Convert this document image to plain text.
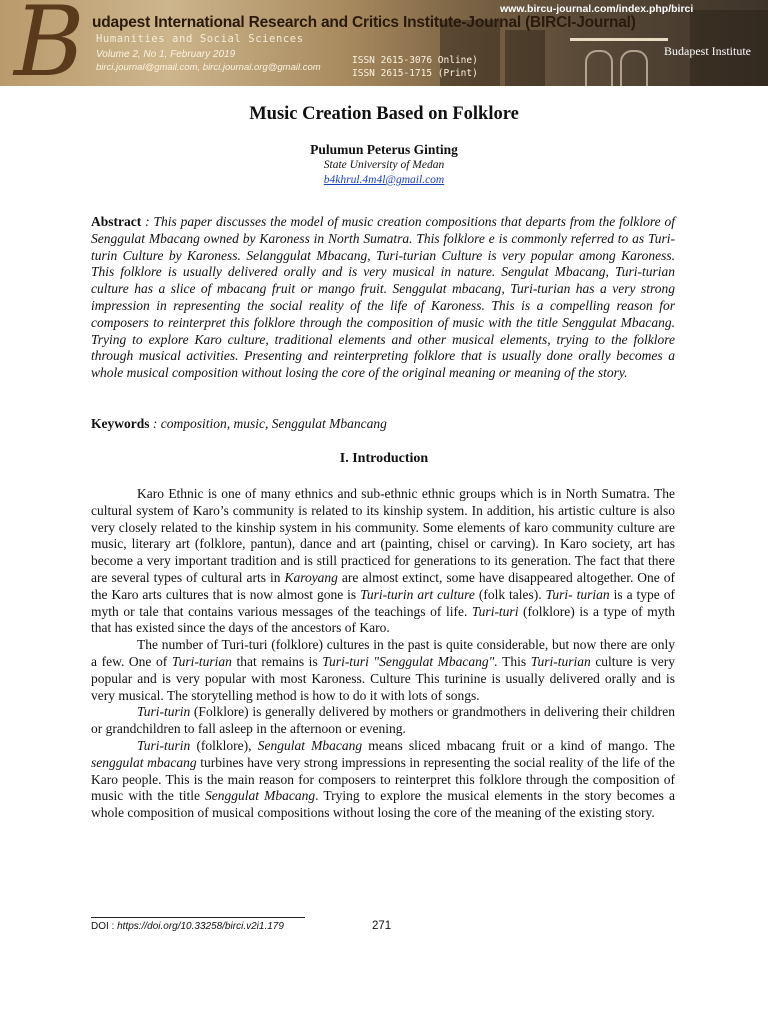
B udapest International Research and Critics Institute-Journal (BIRCI-Journal)
Humanities and Social Sciences
Volume 2, No 1, February 2019
birci.journal@gmail.com, birci.journal.org@gmail.com
ISSN 2615-3076 Online)
ISSN 2615-1715 (Print)
www.bircu-journal.com/index.php/birci
Budapest Institute
Music Creation Based on Folklore
Pulumun Peterus Ginting
State University of Medan
b4khrul.4m4l@gmail.com

Abstract : This paper discusses the model of music creation compositions that departs from the folklore of Senggulat Mbacang owned by Karoness in North Sumatra. This folklore e is commonly referred to as Turi-turin Culture by Karoness. Selanggulat Mbacang, Turi-turian Culture is very popular among Karoness. This folklore is usually delivered orally and is very musical in nature. Sengulat Mbacang, Turi-turian culture has a slice of mbacang fruit or mango fruit. Senggulat mbacang, Turi-turian has a very strong impression in representing the social reality of the life of Karoness. This is a compelling reason for composers to reinterpret this folklore through the composition of music with the title Senggulat Mbacang. Trying to explore Karo culture, traditional elements and other musical elements, trying to the folklore through musical activities. Presenting and reinterpreting folklore that is usually done orally becomes a whole musical composition without losing the core of the original meaning or meaning of the story.

Keywords : composition, music, Senggulat Mbancang

I. Introduction

Karo Ethnic is one of many ethnics and sub-ethnic ethnic groups which is in North Sumatra. The cultural system of Karo’s community is related to its kinship system. In addition, his artistic culture is also very closely related to the kinship system in his community. Some elements of karo community culture are music, literary art (folklore, pantun), dance and art (painting, chisel or carving). In Karo society, art has become a very important tradition and is still practiced for generations to its generation. The fact that there are several types of cultural arts in Karoyang are almost extinct, some have disappeared altogether. One of the Karo arts cultures that is now almost gone is Turi-turin art culture (folk tales). Turi- turian is a type of myth or tale that contains various messages of the teachings of life. Turi-turi (folklore) is a type of myth that has existed since the days of the ancestors of Karo.

The number of Turi-turi (folklore) cultures in the past is quite considerable, but now there are only a few. One of Turi-turian that remains is Turi-turi "Senggulat Mbacang". This Turi-turian culture is very popular and is very popular with most Karoness. Culture This turinine is usually delivered orally and is very musical. The storytelling method is how to do it with lots of songs.

Turi-turin (Folklore) is generally delivered by mothers or grandmothers in delivering their children or grandchildren to fall asleep in the afternoon or evening.

Turi-turin (folklore), Sengulat Mbacang means sliced mbacang fruit or a kind of mango. The senggulat mbacang turbines have very strong impressions in representing the social reality of the life of the Karo people. This is the main reason for composers to reinterpret this folklore through the composition of music with the title Senggulat Mbacang. Trying to explore the musical elements in the story becomes a whole composition of musical compositions without losing the core of the meaning of the existing story.

DOI : https://doi.org/10.33258/birci.v2i1.179	271
